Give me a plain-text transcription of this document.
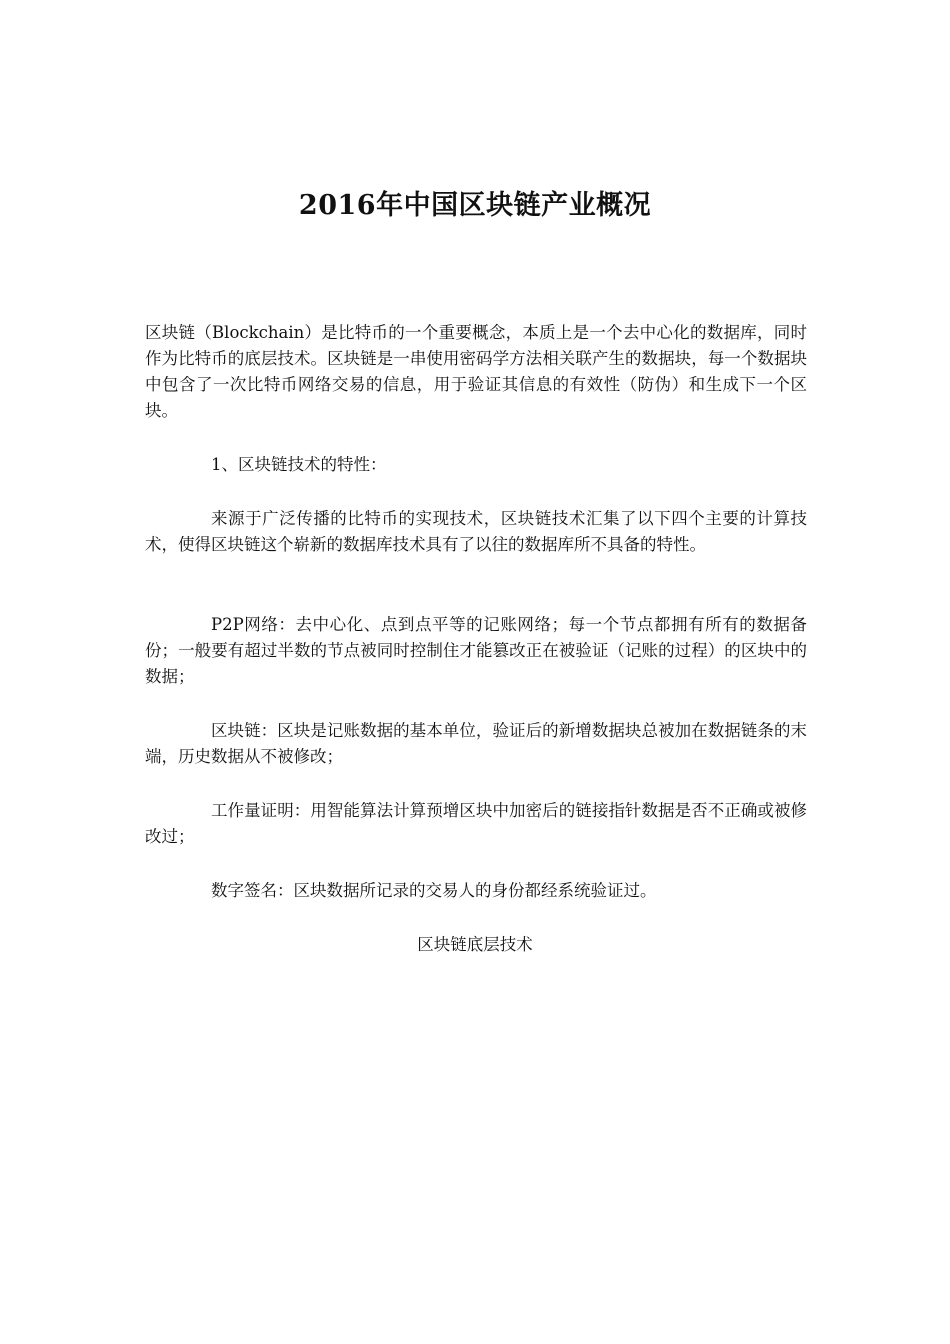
2016年中国区块链产业概况

区块链（Blockchain）是比特币的一个重要概念，本质上是一个去中心化的数据库，同时作为比特币的底层技术。区块链是一串使用密码学方法相关联产生的数据块，每一个数据块中包含了一次比特币网络交易的信息，用于验证其信息的有效性（防伪）和生成下一个区块。

1、区块链技术的特性：

来源于广泛传播的比特币的实现技术，区块链技术汇集了以下四个主要的计算技术，使得区块链这个崭新的数据库技术具有了以往的数据库所不具备的特性。

P2P网络：去中心化、点到点平等的记账网络；每一个节点都拥有所有的数据备份；一般要有超过半数的节点被同时控制住才能篡改正在被验证（记账的过程）的区块中的数据；

区块链：区块是记账数据的基本单位，验证后的新增数据块总被加在数据链条的末端，历史数据从不被修改；

工作量证明：用智能算法计算预增区块中加密后的链接指针数据是否不正确或被修改过；

数字签名：区块数据所记录的交易人的身份都经系统验证过。

区块链底层技术
